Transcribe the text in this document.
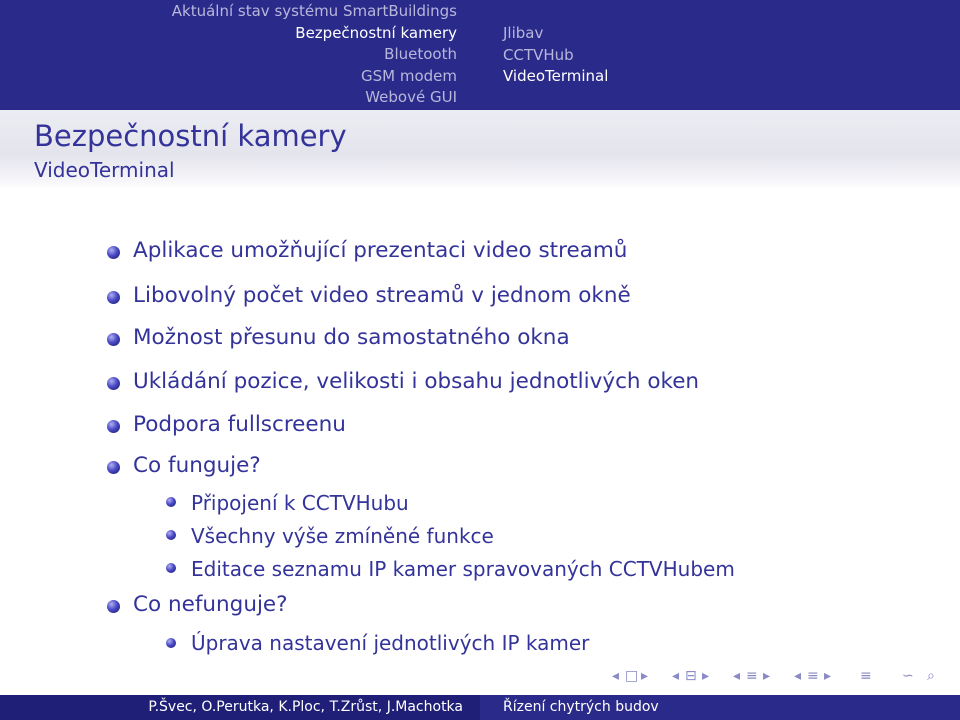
Aktuální stav systému SmartBuildings
Bezpečnostní kamery
Bluetooth
GSM modem
Webové GUI
Jlibav
CCTVHub
VideoTerminal
Bezpečnostní kamery
VideoTerminal
Aplikace umožňující prezentaci video streamů
Libovolný počet video streamů v jednom okně
Možnost přesunu do samostatného okna
Ukládání pozice, velikosti i obsahu jednotlivých oken
Podpora fullscreenu
Co funguje?
Připojení k CCTVHubu
Všechny výše zmíněné funkce
Editace seznamu IP kamer spravovaných CCTVHubem
Co nefunguje?
Úprava nastavení jednotlivých IP kamer
◂ □ ▸ ◂ ⊟ ▸ ◂ ≡ ▸ ◂ ≡ ▸ ≡ ∽ ⌕
P.Švec, O.Perutka, K.Ploc, T.Zrůst, J.Machotka	Řízení chytrých budov
